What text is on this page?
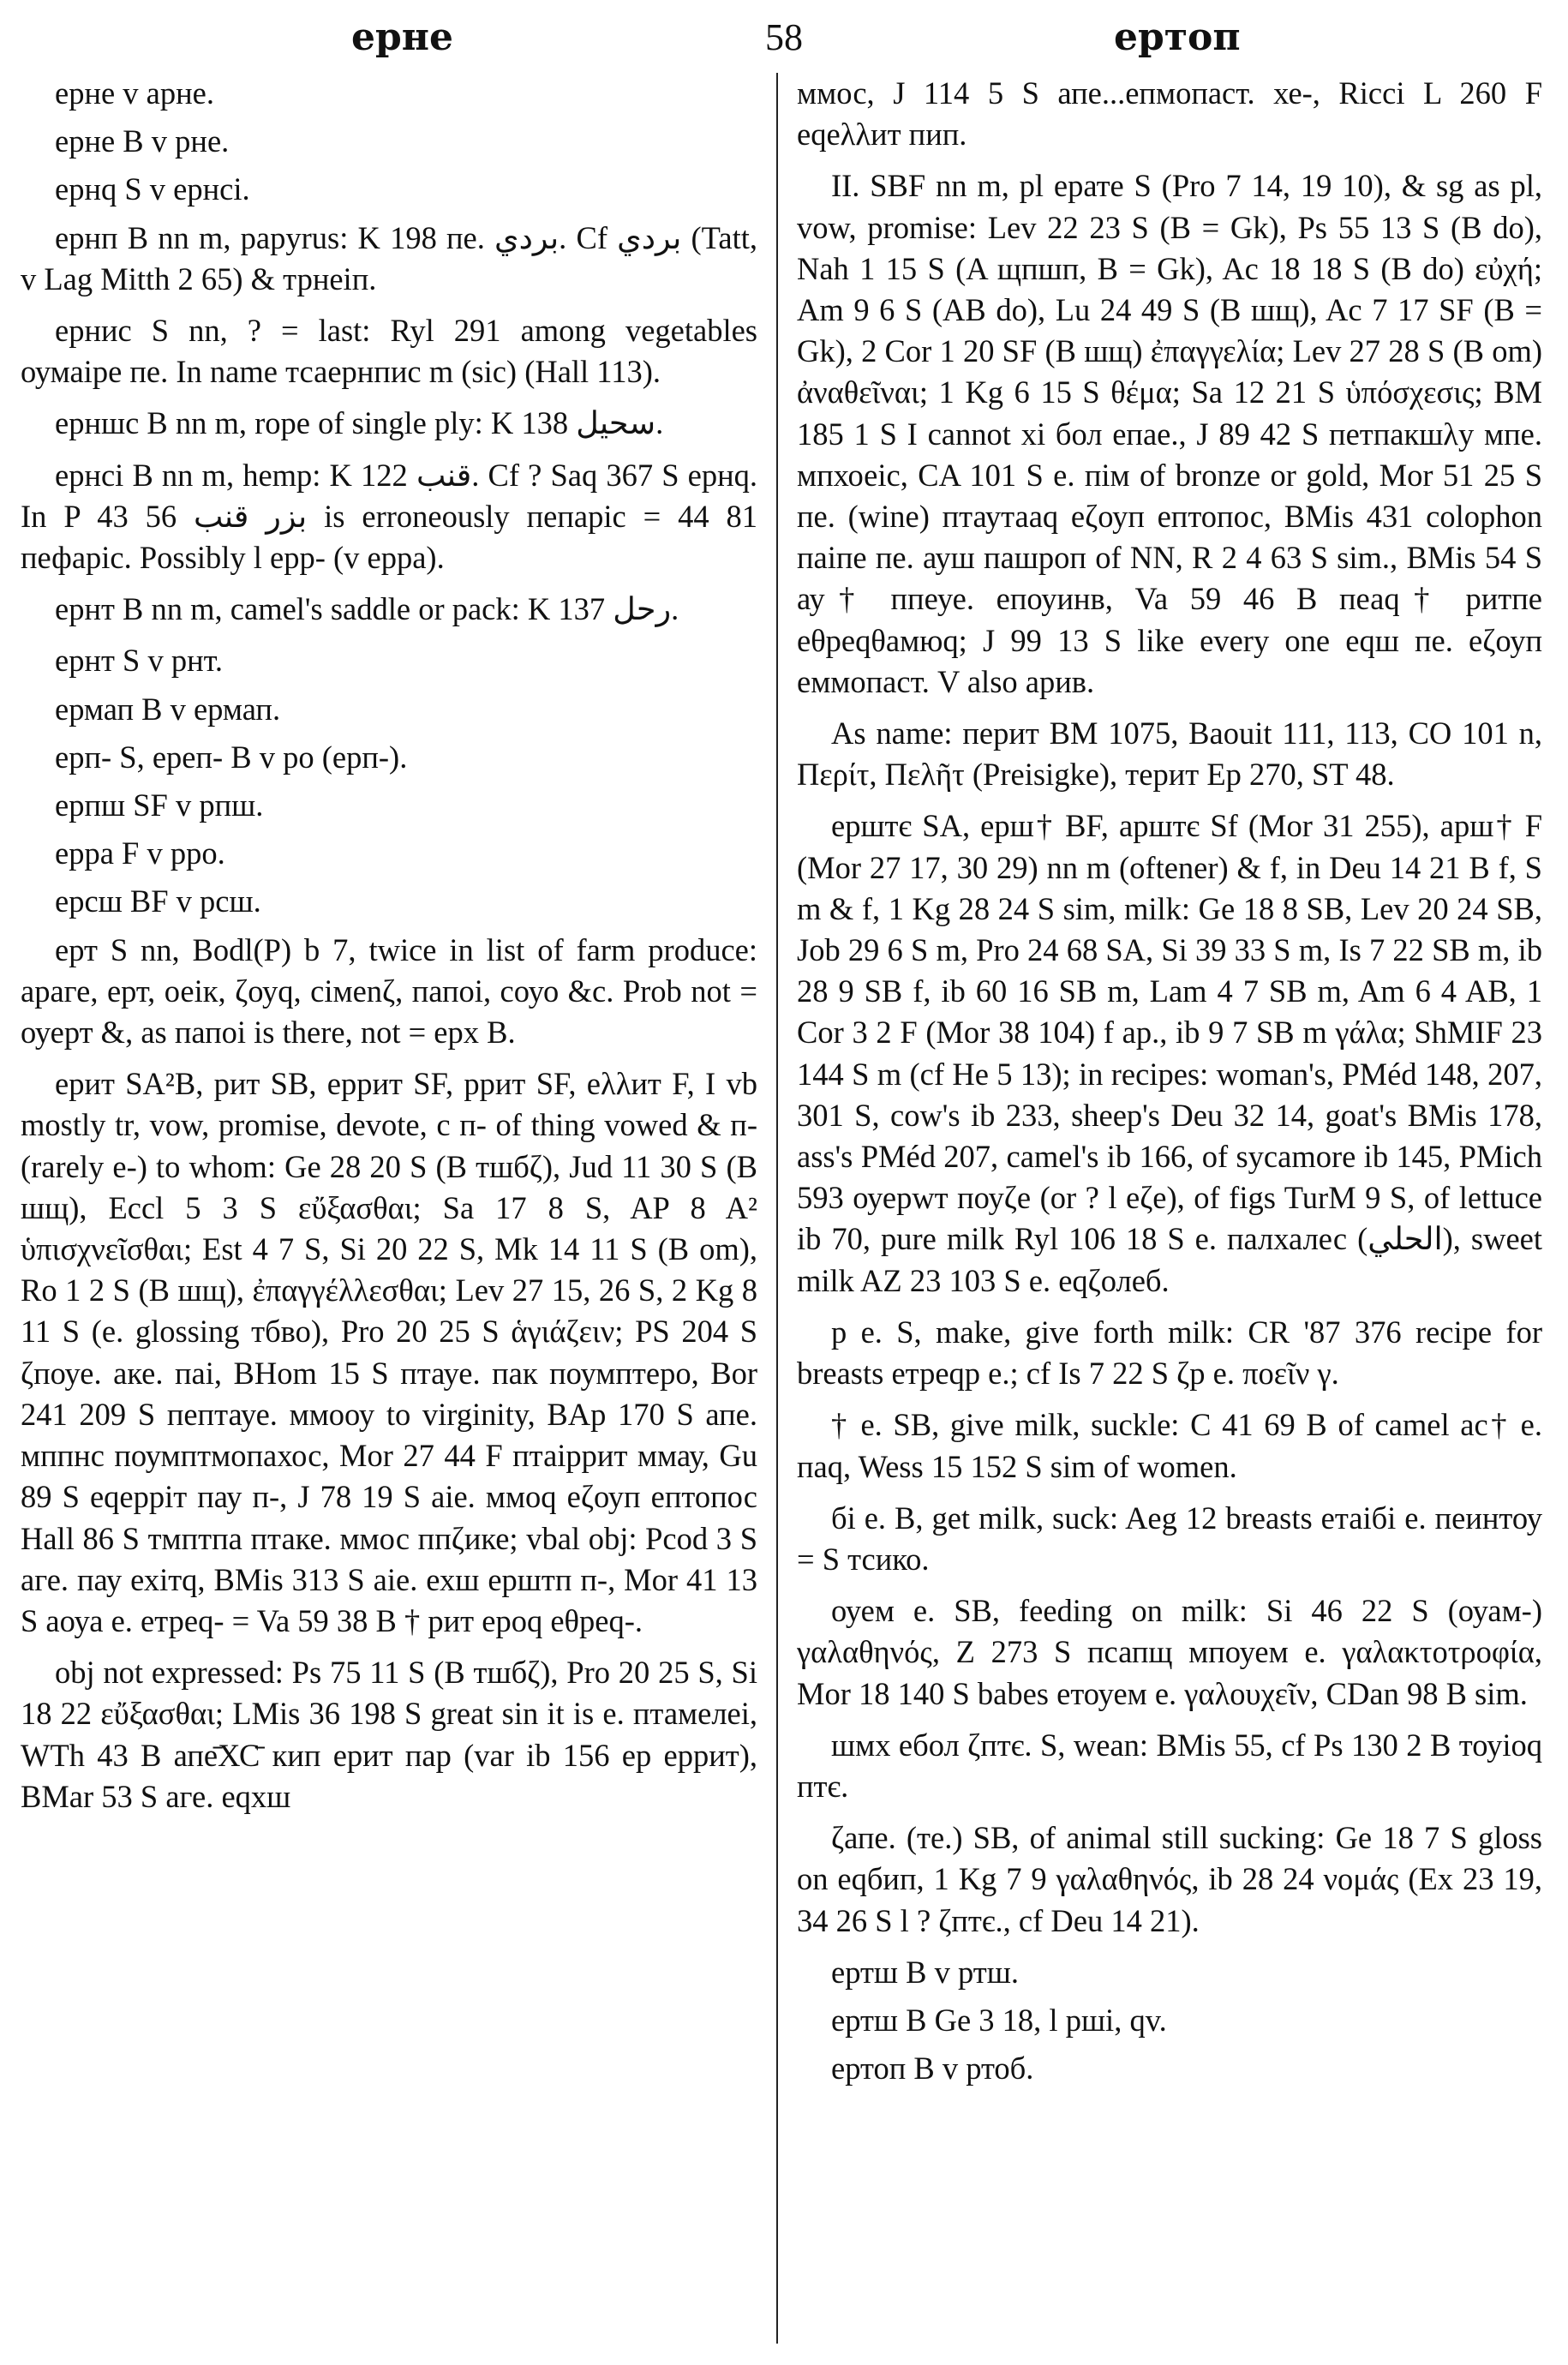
ерне	58	ертоп

ерне v арне.

ерне B v рне.

ернq S v ернсі.

ернп B nn m, papyrus: K 198 пе. بردي. Cf بردي (Tatt, v Lag Mitth 2 65) & трнеіп.

ернис S nn, ? = last: Ryl 291 among vegetables оумаіре пе. In name тсаернпис m (sic) (Hall 113).

ерншс B nn m, rope of single ply: K 138 سحيل.

ернсі B nn m, hemp: K 122 قنب. Cf ? Saq 367 S ернq. In P 43 56 بزر قنب is erroneously пепаріс = 44 81 пефаріс. Possibly l ерр- (v ерра).

ернт B nn m, camel's saddle or pack: K 137 رحل.

ернт S v рнт.

ермап B v ермап.

ерп- S, ереп- B v ро (ерп-).

ерпш SF v рпш.

ерра F v рро.

ерсш BF v рсш.

ерт S nn, Bodl(P) b 7, twice in list of farm produce: араге, ерт, оеік, ζоуq, сімеnζ, папоі, соуо &c. Prob not = оуерт &, as папоі is there, not = ерх B.

ерит SA²B, рит SB, еррит SF, ррит SF, еλλит F, I vb mostly tr, vow, promise, devote, c п- of thing vowed & п- (rarely е-) to whom: Ge 28 20 S (B тшбζ), Jud 11 30 S (B шщ), Eccl 5 3 S εὔξασθαι; Sa 17 8 S, AP 8 A² ὑπισχνεῖσθαι; Est 4 7 S, Si 20 22 S, Mk 14 11 S (B om), Ro 1 2 S (B шщ), ἐπαγγέλλεσθαι; Lev 27 15, 26 S, 2 Kg 8 11 S (е. glossing тбво), Pro 20 25 S ἁγιάζειν; PS 204 S ζпоуе. аке. паі, BHom 15 S птауе. пак поумптеро, Bor 241 209 S пептауе. ммооу to virginity, BAp 170 S апе. мппнс поумптмопахос, Mor 27 44 F птаіррит ммау, Gu 89 S еqерріт пау п-, J 78 19 S аіе. ммоq еζоуп ептопос Hall 86 S тмптпа птаке. ммос ппζике; vbal obj: Pcod 3 S аге. пау ехітq, BMis 313 S аіе. ехш ерштп п-, Mor 41 13 S аоуа е. етреq- = Va 59 38 B † рит ероq еθреq-.

obj not expressed: Ps 75 11 S (B тшбζ), Pro 20 25 S, Si 18 22 εὔξασθαι; LMis 36 198 S great sin it is е. птамелеі, WTh 43 B апе̄ХС̄ кип ерит пар (var ib 156 ер еррит), BMar 53 S аге. еqхш

ммос, J 114 5 S апе...епмопаст. хе-, Ricci L 260 F еqеλλит пип.

II. SBF nn m, pl ерате S (Pro 7 14, 19 10), & sg as pl, vow, promise: Lev 22 23 S (B = Gk), Ps 55 13 S (B do), Nah 1 15 S (A щпшп, B = Gk), Ac 18 18 S (B do) εὐχή; Am 9 6 S (AB do), Lu 24 49 S (B шщ), Ac 7 17 SF (B = Gk), 2 Cor 1 20 SF (B шщ) ἐπαγγελία; Lev 27 28 S (B om) ἀναθεῖναι; 1 Kg 6 15 S θέμα; Sa 12 21 S ὑπόσχεσις; BM 185 1 S I cannot хі бол епае., J 89 42 S петпакшλу мпе. мпхоеіс, CA 101 S е. пім of bronze or gold, Mor 51 25 S пе. (wine) птаутааq еζоуп ептопос, BMis 431 colophon паіпе пе. ауш пашроп of NN, R 2 4 63 S sim., BMis 54 S ау† ппеуе. епоуинв, Va 59 46 B пеаq† ритпе еθреqθамюq; J 99 13 S like every one еqш пе. еζоуп еммопаст. V also арив.

As name: перит BM 1075, Baouit 111, 113, CO 101 n, Περίτ, Πελῆτ (Preisigke), терит Ep 270, ST 48.

ерштє SA, ерш† BF, арштє Sf (Mor 31 255), арш† F (Mor 27 17, 30 29) nn m (oftener) & f, in Deu 14 21 B f, S m & f, 1 Kg 28 24 S sim, milk: Ge 18 8 SB, Lev 20 24 SB, Job 29 6 S m, Pro 24 68 SA, Si 39 33 S m, Is 7 22 SB m, ib 28 9 SB f, ib 60 16 SB m, Lam 4 7 SB m, Am 6 4 AB, 1 Cor 3 2 F (Mor 38 104) f ар., ib 9 7 SB m γάλα; ShMIF 23 144 S m (cf He 5 13); in recipes: woman's, PMéd 148, 207, 301 S, cow's ib 233, sheep's Deu 32 14, goat's BMis 178, ass's PMéd 207, camel's ib 166, of sycamore ib 145, PMich 593 оуерwт поуζе (or ? l еζе), of figs TurM 9 S, of lettuce ib 70, pure milk Ryl 106 18 S е. палхалес (الحلي), sweet milk AZ 23 103 S е. еqζолеб.

р е. S, make, give forth milk: CR '87 376 recipe for breasts етреqр е.; cf Is 7 22 S ζр е. ποεῖν γ.

† е. SB, give milk, suckle: C 41 69 B of camel ас† е. паq, Wess 15 152 S sim of women.

бі е. B, get milk, suck: Aeg 12 breasts етаібі е. пеинтоу = S тсико.

оуем е. SB, feeding on milk: Si 46 22 S (оуам-) γαλαθηνός, Z 273 S псапщ мпоуем е. γαλακτοτροφία, Mor 18 140 S babes етоуем е. γαλουχεῖν, CDan 98 B sim.

шмх ебол ζптє. S, wean: BMis 55, cf Ps 130 2 B тоуіоq птє.

ζапе. (те.) SB, of animal still sucking: Ge 18 7 S gloss on еqбип, 1 Kg 7 9 γαλαθηνός, ib 28 24 νομάς (Ex 23 19, 34 26 S l ? ζптє., cf Deu 14 21).

ертш B v ртш.

ертш B Ge 3 18, l рші, qv.

ертоп B v ртоб.
